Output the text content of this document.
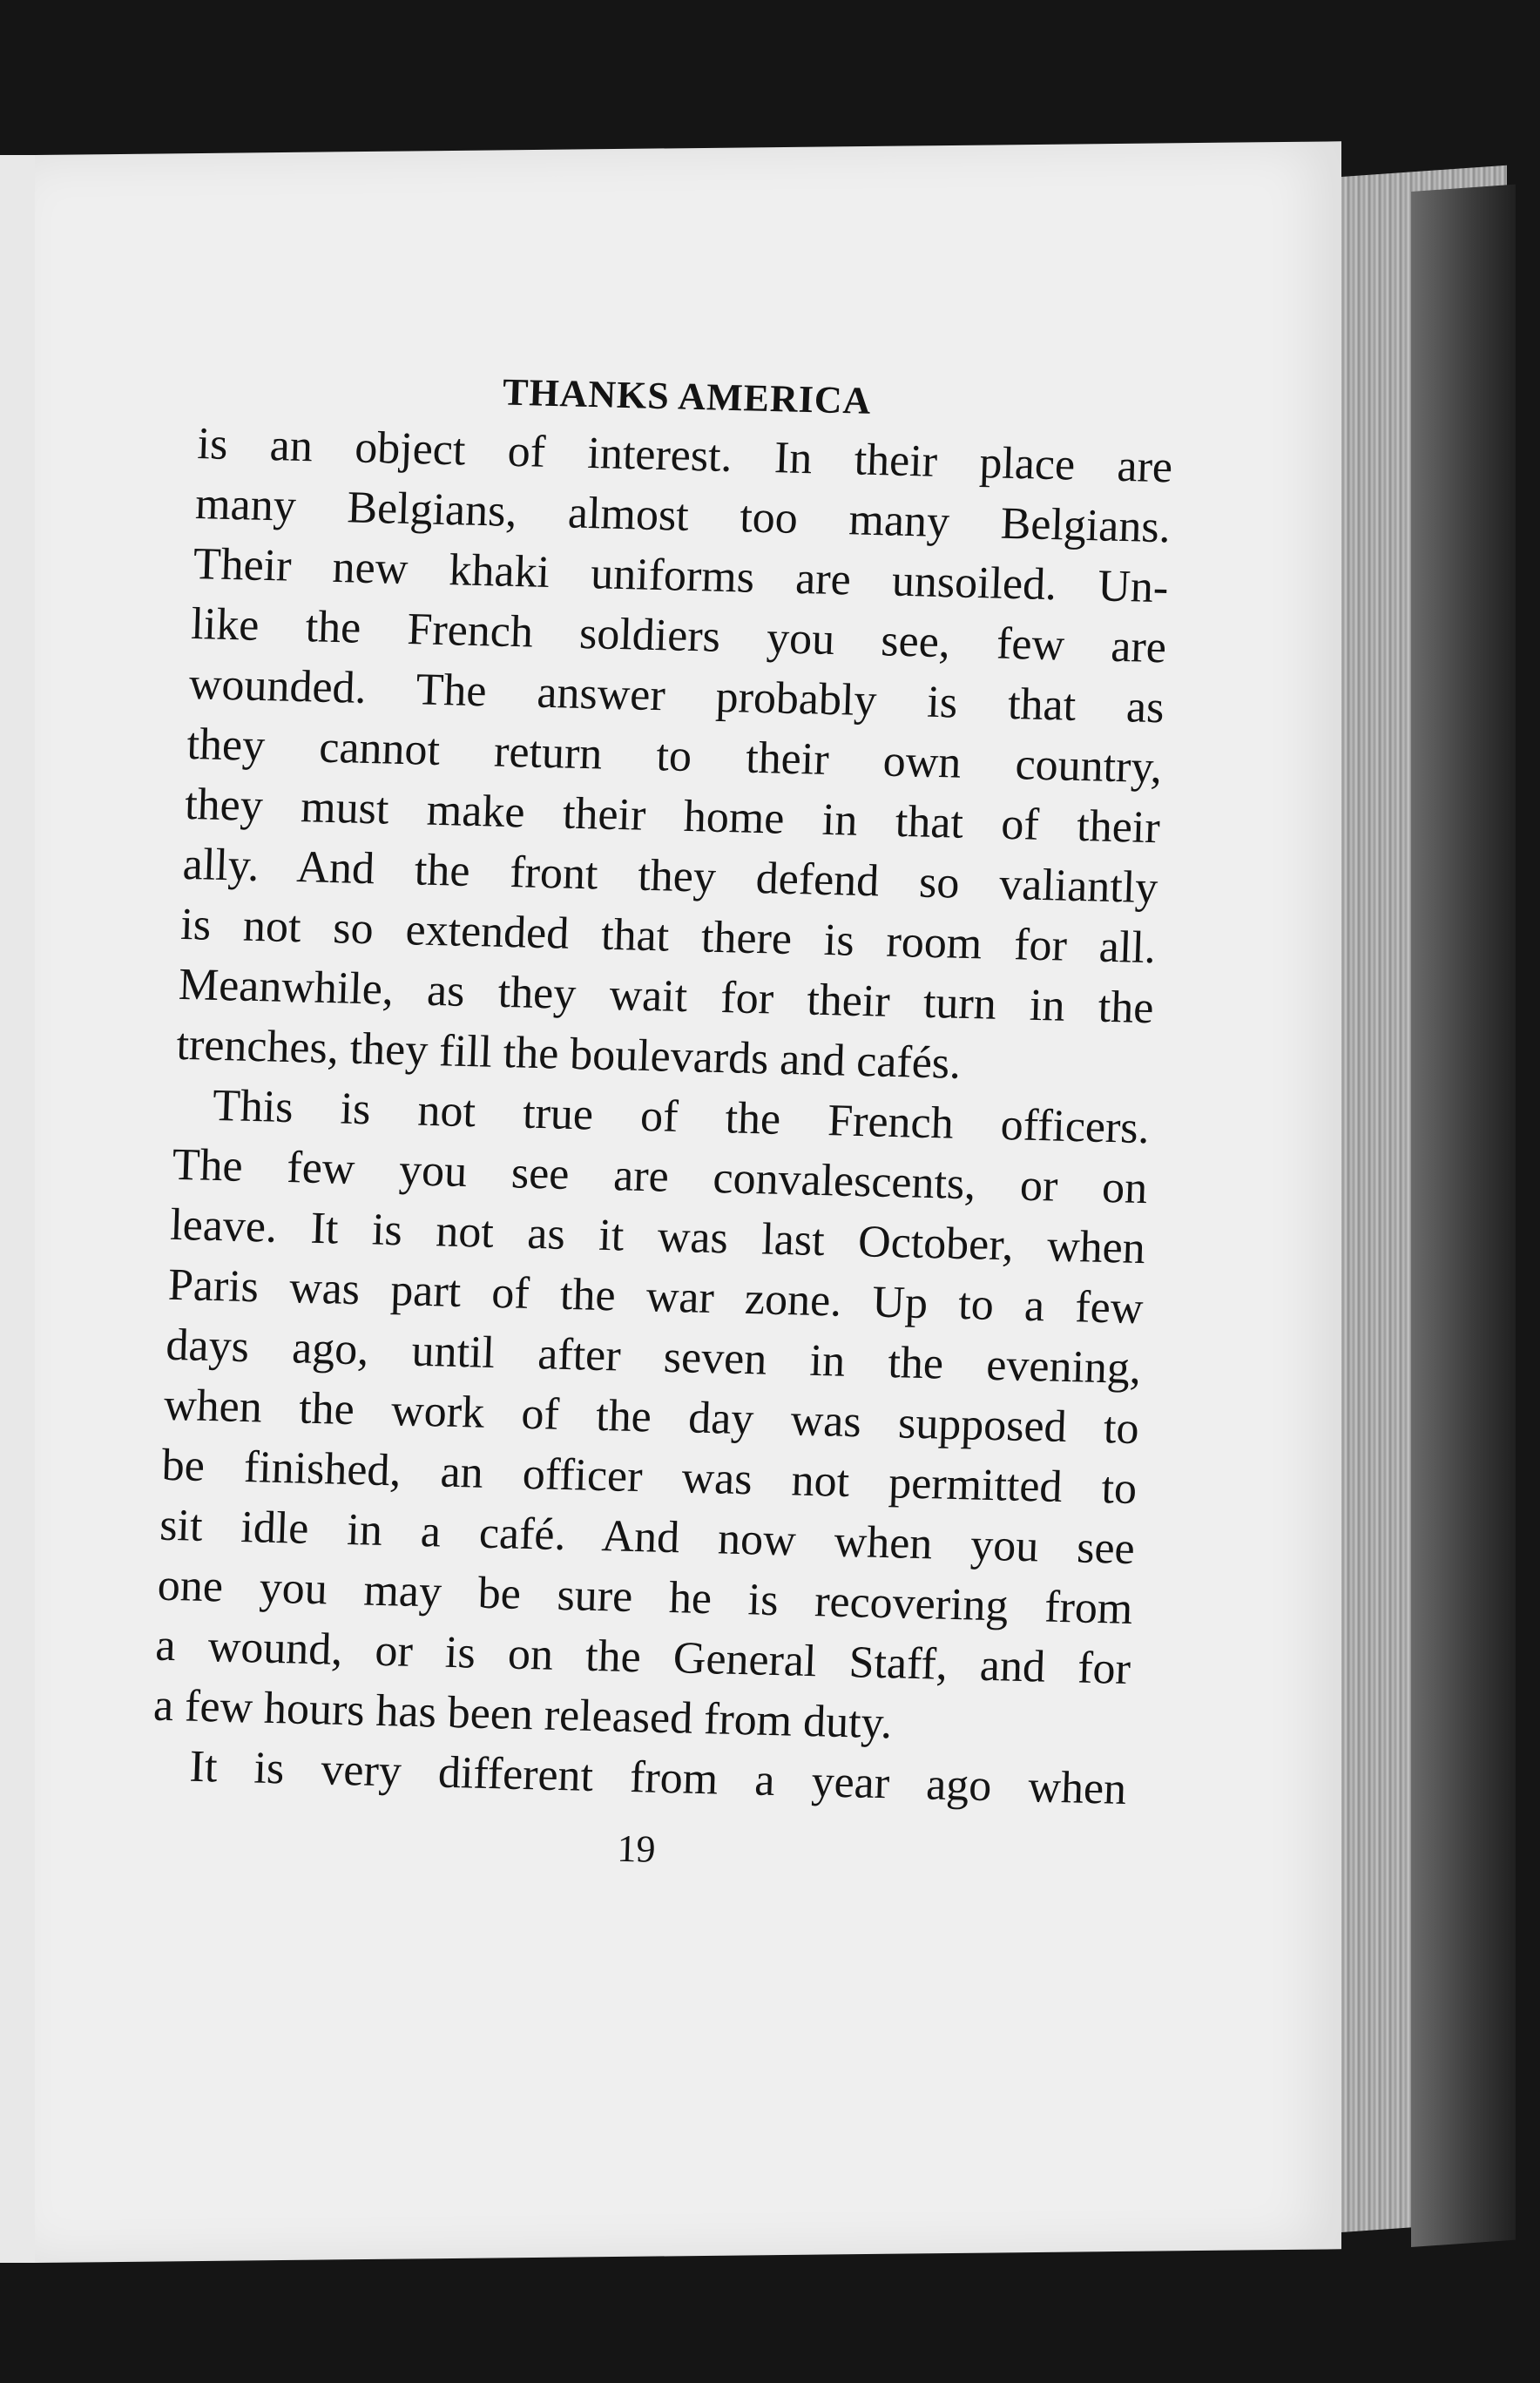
THANKS AMERICA
is an object of interest. In their place are
many Belgians, almost too many Belgians.
Their new khaki uniforms are unsoiled. Un-
like the French soldiers you see, few are
wounded. The answer probably is that as
they cannot return to their own country,
they must make their home in that of their
ally. And the front they defend so valiantly
is not so extended that there is room for all.
Meanwhile, as they wait for their turn in the
trenches, they fill the boulevards and cafés.
This is not true of the French officers.
The few you see are convalescents, or on
leave. It is not as it was last October, when
Paris was part of the war zone. Up to a few
days ago, until after seven in the evening,
when the work of the day was supposed to
be finished, an officer was not permitted to
sit idle in a café. And now when you see
one you may be sure he is recovering from
a wound, or is on the General Staff, and for
a few hours has been released from duty.
It is very different from a year ago when
19
